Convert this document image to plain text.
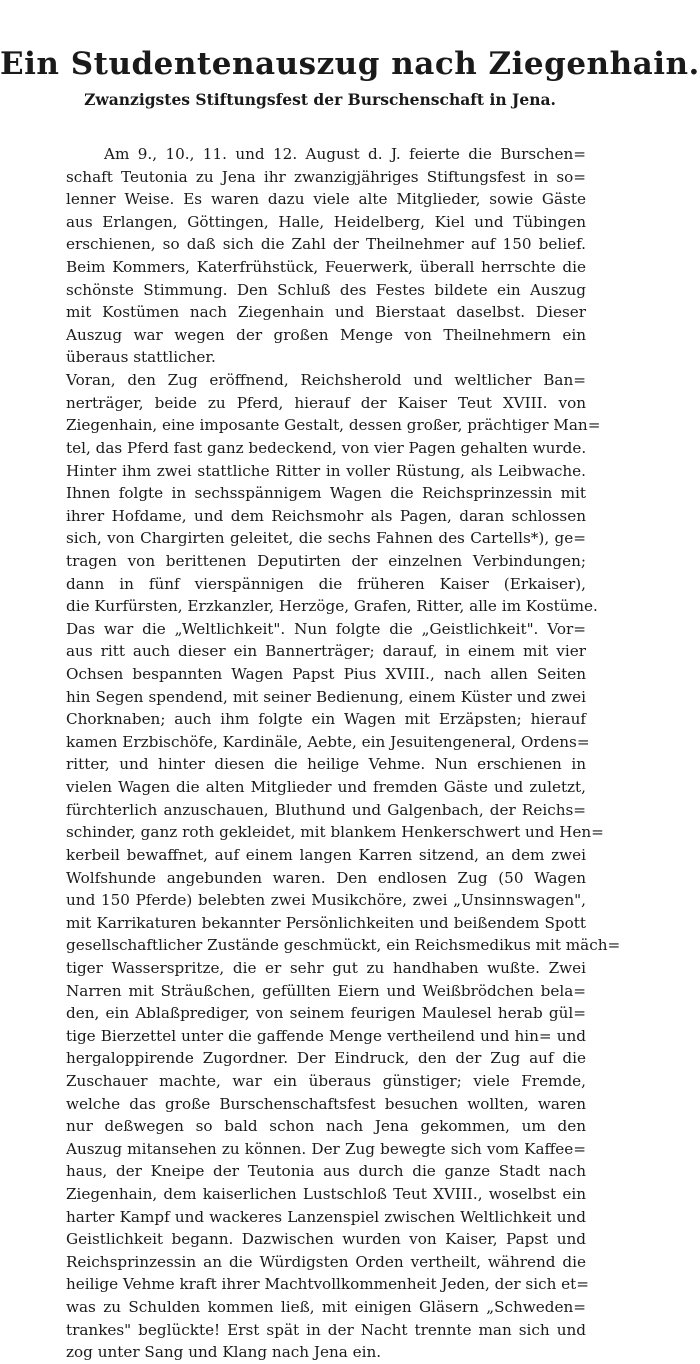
Ein Studentenauszug nach Ziegenhain.
Zwanzigstes Stiftungsfest der Burschenschaft in Jena.
Am 9., 10., 11. und 12. August d. J. feierte die Burschen=
schaft Teutonia zu Jena ihr zwanzigjähriges Stiftungsfest in so=
lenner Weise. Es waren dazu viele alte Mitglieder, sowie Gäste
aus Erlangen, Göttingen, Halle, Heidelberg, Kiel und Tübingen
erschienen, so daß sich die Zahl der Theilnehmer auf 150 belief.
Beim Kommers, Katerfrühstück, Feuerwerk, überall herrschte die
schönste Stimmung. Den Schluß des Festes bildete ein Auszug
mit Kostümen nach Ziegenhain und Bierstaat daselbst. Dieser
Auszug war wegen der großen Menge von Theilnehmern ein
überaus stattlicher.
Voran, den Zug eröffnend, Reichsherold und weltlicher Ban=
nerträger, beide zu Pferd, hierauf der Kaiser Teut XVIII. von
Ziegenhain, eine imposante Gestalt, dessen großer, prächtiger Man=
tel, das Pferd fast ganz bedeckend, von vier Pagen gehalten wurde.
Hinter ihm zwei stattliche Ritter in voller Rüstung, als Leibwache.
Ihnen folgte in sechsspännigem Wagen die Reichsprinzessin mit
ihrer Hofdame, und dem Reichsmohr als Pagen, daran schlossen
sich, von Chargirten geleitet, die sechs Fahnen des Cartells*), ge=
tragen von berittenen Deputirten der einzelnen Verbindungen;
dann in fünf vierspännigen die früheren Kaiser (Erkaiser),
die Kurfürsten, Erzkanzler, Herzöge, Grafen, Ritter, alle im Kostüme.
Das war die „Weltlichkeit". Nun folgte die „Geistlichkeit". Vor=
aus ritt auch dieser ein Bannerträger; darauf, in einem mit vier
Ochsen bespannten Wagen Papst Pius XVIII., nach allen Seiten
hin Segen spendend, mit seiner Bedienung, einem Küster und zwei
Chorknaben; auch ihm folgte ein Wagen mit Erzäpsten; hierauf
kamen Erzbischöfe, Kardinäle, Aebte, ein Jesuitengeneral, Ordens=
ritter, und hinter diesen die heilige Vehme. Nun erschienen in
vielen Wagen die alten Mitglieder und fremden Gäste und zuletzt,
fürchterlich anzuschauen, Bluthund und Galgenbach, der Reichs=
schinder, ganz roth gekleidet, mit blankem Henkerschwert und Hen=
kerbeil bewaffnet, auf einem langen Karren sitzend, an dem zwei
Wolfshunde angebunden waren. Den endlosen Zug (50 Wagen
und 150 Pferde) belebten zwei Musikchöre, zwei „Unsinnswagen",
mit Karrikaturen bekannter Persönlichkeiten und beißendem Spott
gesellschaftlicher Zustände geschmückt, ein Reichsmedikus mit mäch=
tiger Wasserspritze, die er sehr gut zu handhaben wußte. Zwei
Narren mit Sträußchen, gefüllten Eiern und Weißbrödchen bela=
den, ein Ablaßprediger, von seinem feurigen Maulesel herab gül=
tige Bierzettel unter die gaffende Menge vertheilend und hin= und
hergaloppirende Zugordner. Der Eindruck, den der Zug auf die
Zuschauer machte, war ein überaus günstiger; viele Fremde,
welche das große Burschenschaftsfest besuchen wollten, waren
nur deßwegen so bald schon nach Jena gekommen, um den
Auszug mitansehen zu können. Der Zug bewegte sich vom Kaffee=
haus, der Kneipe der Teutonia aus durch die ganze Stadt nach
Ziegenhain, dem kaiserlichen Lustschloß Teut XVIII., woselbst ein
harter Kampf und wackeres Lanzenspiel zwischen Weltlichkeit und
Geistlichkeit begann. Dazwischen wurden von Kaiser, Papst und
Reichsprinzessin an die Würdigsten Orden vertheilt, während die
heilige Vehme kraft ihrer Machtvollkommenheit Jeden, der sich et=
was zu Schulden kommen ließ, mit einigen Gläsern „Schweden=
trankes" beglückte! Erst spät in der Nacht trennte man sich und
zog unter Sang und Klang nach Jena ein.
